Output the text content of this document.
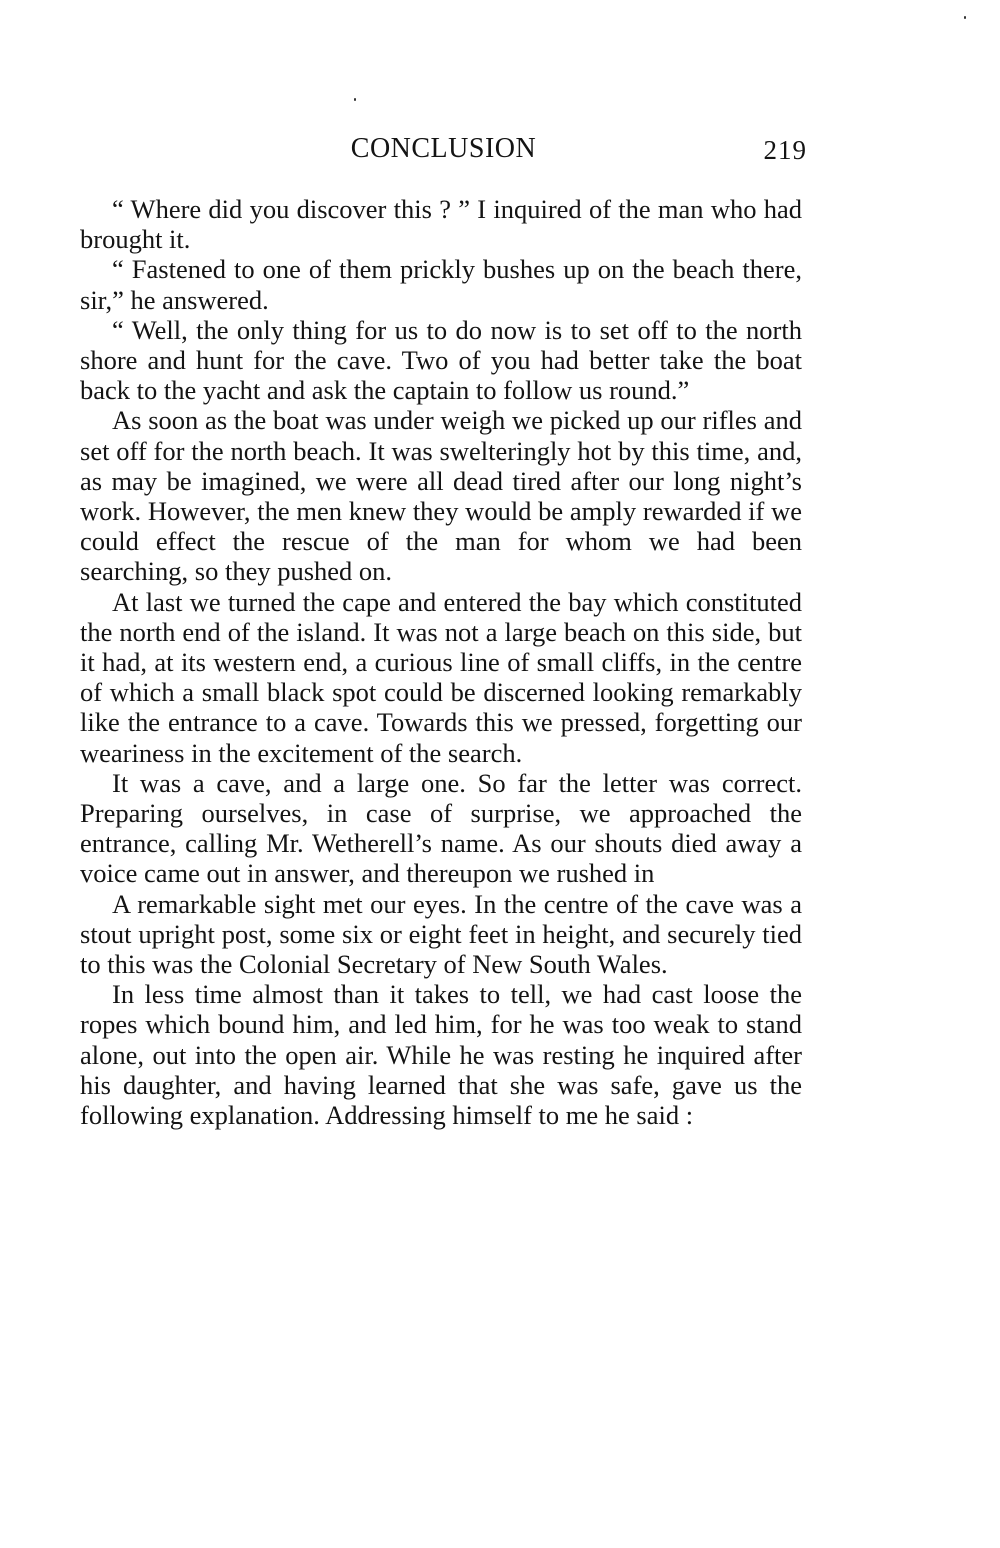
CONCLUSION	219

“ Where did you discover this ? ” I inquired of the man who had brought it.

“ Fastened to one of them prickly bushes up on the beach there, sir,” he answered.

“ Well, the only thing for us to do now is to set off to the north shore and hunt for the cave. Two of you had better take the boat back to the yacht and ask the captain to follow us round.”

As soon as the boat was under weigh we picked up our rifles and set off for the north beach. It was swelteringly hot by this time, and, as may be imagined, we were all dead tired after our long night’s work. However, the men knew they would be amply rewarded if we could effect the rescue of the man for whom we had been searching, so they pushed on.

At last we turned the cape and entered the bay which constituted the north end of the island. It was not a large beach on this side, but it had, at its western end, a curious line of small cliffs, in the centre of which a small black spot could be discerned looking remarkably like the entrance to a cave. Towards this we pressed, forgetting our weariness in the excitement of the search.

It was a cave, and a large one. So far the letter was correct. Preparing ourselves, in case of surprise, we approached the entrance, calling Mr. Wetherell’s name. As our shouts died away a voice came out in answer, and thereupon we rushed in

A remarkable sight met our eyes. In the centre of the cave was a stout upright post, some six or eight feet in height, and securely tied to this was the Colonial Secretary of New South Wales.

In less time almost than it takes to tell, we had cast loose the ropes which bound him, and led him, for he was too weak to stand alone, out into the open air. While he was resting he inquired after his daughter, and having learned that she was safe, gave us the following explanation. Addressing himself to me he said :
